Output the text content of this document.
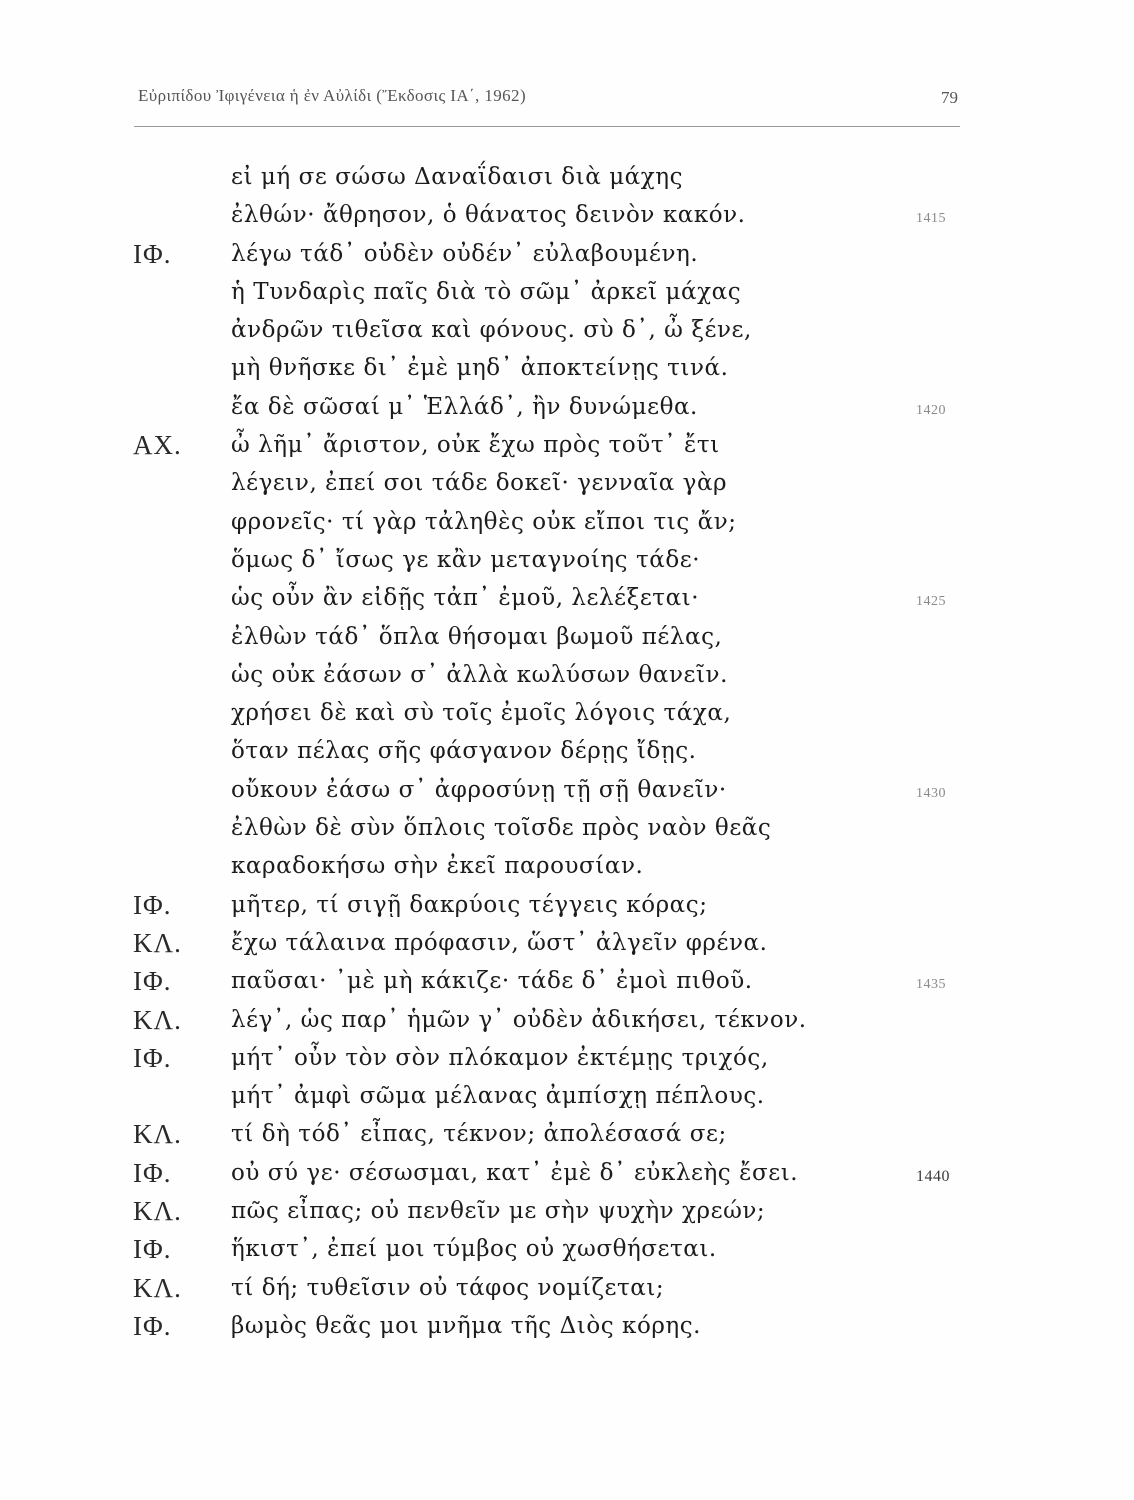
Εὐριπίδου Ἰφιγένεια ἡ ἐν Αὐλίδι (Ἔκδοσις ΙΑ΄, 1962)	79
εἰ μή σε σώσω Δαναΐδαισι διὰ μάχης
ἐλθών· ἄθρησον, ὁ θάνατος δεινὸν κακόν.	1415
ΙΦ.	λέγω τάδ᾽ οὐδὲν οὐδέν᾽ εὐλαβουμένη.
ἡ Τυνδαρὶς παῖς διὰ τὸ σῶμ᾽ ἀρκεῖ μάχας
ἀνδρῶν τιθεῖσα καὶ φόνους. σὺ δ᾽, ὦ ξένε,
μὴ θνῆσκε δι᾽ ἐμὲ μηδ᾽ ἀποκτείνῃς τινά.
ἔα δὲ σῶσαί μ᾽ Ἑλλάδ᾽, ἢν δυνώμεθα.	1420
ΑΧ. ὦ λῆμ᾽ ἄριστον, οὐκ ἔχω πρὸς τοῦτ᾽ ἔτι
λέγειν, ἐπεί σοι τάδε δοκεῖ· γενναῖα γὰρ
φρονεῖς· τί γὰρ τἀληθὲς οὐκ εἴποι τις ἄν;
ὅμως δ᾽ ἴσως γε κἂν μεταγνοίης τάδε·
ὡς οὖν ἂν εἰδῇς τἀπ᾽ ἐμοῦ, λελέξεται·	1425
ἐλθὼν τάδ᾽ ὅπλα θήσομαι βωμοῦ πέλας,
ὡς οὐκ ἐάσων σ᾽ ἀλλὰ κωλύσων θανεῖν.
χρήσει δὲ καὶ σὺ τοῖς ἐμοῖς λόγοις τάχα,
ὅταν πέλας σῆς φάσγανον δέρῃς ἴδῃς.
οὔκουν ἐάσω σ᾽ ἀφροσύνῃ τῇ σῇ θανεῖν·	1430
ἐλθὼν δὲ σὺν ὅπλοις τοῖσδε πρὸς ναὸν θεᾶς
καραδοκήσω σὴν ἐκεῖ παρουσίαν.
ΙΦ.	μῆτερ, τί σιγῇ δακρύοις τέγγεις κόρας;
ΚΛ. ἔχω τάλαινα πρόφασιν, ὥστ᾽ ἀλγεῖν φρένα.
ΙΦ.	παῦσαι· ᾽μὲ μὴ κάκιζε· τάδε δ᾽ ἐμοὶ πιθοῦ.	1435
ΚΛ. λέγ᾽, ὡς παρ᾽ ἡμῶν γ᾽ οὐδὲν ἀδικήσει, τέκνον.
ΙΦ.	μήτ᾽ οὖν τὸν σὸν πλόκαμον ἐκτέμῃς τριχός,
μήτ᾽ ἀμφὶ σῶμα μέλανας ἀμπίσχῃ πέπλους.
ΚΛ. τί δὴ τόδ᾽ εἶπας, τέκνον; ἀπολέσασά σε;
ΙΦ.	οὐ σύ γε· σέσωσμαι, κατ᾽ ἐμὲ δ᾽ εὐκλεὴς ἔσει.	1440
ΚΛ. πῶς εἶπας; οὐ πενθεῖν με σὴν ψυχὴν χρεών;
ΙΦ.	ἥκιστ᾽, ἐπεί μοι τύμβος οὐ χωσθήσεται.
ΚΛ. τί δή; τυθεῖσιν οὐ τάφος νομίζεται;
ΙΦ.	βωμὸς θεᾶς μοι μνῆμα τῆς Διὸς κόρης.
